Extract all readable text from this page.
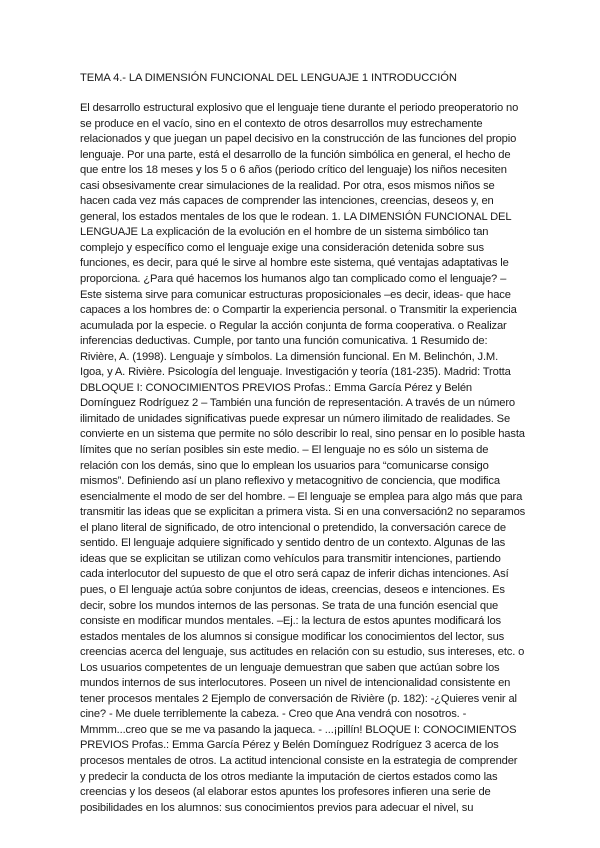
TEMA 4.- LA DIMENSIÓN FUNCIONAL DEL LENGUAJE 1 INTRODUCCIÓN
El desarrollo estructural explosivo que el lenguaje tiene durante el periodo preoperatorio no
se produce en el vacío, sino en el contexto de otros desarrollos muy estrechamente
relacionados y que juegan un papel decisivo en la construcción de las funciones del propio
lenguaje. Por una parte, está el desarrollo de la función simbólica en general, el hecho de
que entre los 18 meses y los 5 o 6 años (periodo crítico del lenguaje) los niños necesiten
casi obsesivamente crear simulaciones de la realidad. Por otra, esos mismos niños se
hacen cada vez más capaces de comprender las intenciones, creencias, deseos y, en
general, los estados mentales de los que le rodean. 1. LA DIMENSIÓN FUNCIONAL DEL
LENGUAJE La explicación de la evolución en el hombre de un sistema simbólico tan
complejo y específico como el lenguaje exige una consideración detenida sobre sus
funciones, es decir, para qué le sirve al hombre este sistema, qué ventajas adaptativas le
proporciona. ¿Para qué hacemos los humanos algo tan complicado como el lenguaje? –
Este sistema sirve para comunicar estructuras proposicionales –es decir, ideas- que hace
capaces a los hombres de: o Compartir la experiencia personal. o Transmitir la experiencia
acumulada por la especie. o Regular la acción conjunta de forma cooperativa. o Realizar
inferencias deductivas. Cumple, por tanto una función comunicativa. 1 Resumido de:
Rivière, A. (1998). Lenguaje y símbolos. La dimensión funcional. En M. Belinchón, J.M.
Igoa, y A. Rivière. Psicología del lenguaje. Investigación y teoría (181-235). Madrid: Trotta
DBLOQUE I: CONOCIMIENTOS PREVIOS Profas.: Emma García Pérez y Belén
Domínguez Rodríguez 2 – También una función de representación. A través de un número
ilimitado de unidades significativas puede expresar un número ilimitado de realidades. Se
convierte en un sistema que permite no sólo describir lo real, sino pensar en lo posible hasta
límites que no serían posibles sin este medio. – El lenguaje no es sólo un sistema de
relación con los demás, sino que lo emplean los usuarios para “comunicarse consigo
mismos”. Definiendo así un plano reflexivo y metacognitivo de conciencia, que modifica
esencialmente el modo de ser del hombre. – El lenguaje se emplea para algo más que para
transmitir las ideas que se explicitan a primera vista. Si en una conversación2 no separamos
el plano literal de significado, de otro intencional o pretendido, la conversación carece de
sentido. El lenguaje adquiere significado y sentido dentro de un contexto. Algunas de las
ideas que se explicitan se utilizan como vehículos para transmitir intenciones, partiendo
cada interlocutor del supuesto de que el otro será capaz de inferir dichas intenciones. Así
pues, o El lenguaje actúa sobre conjuntos de ideas, creencias, deseos e intenciones. Es
decir, sobre los mundos internos de las personas. Se trata de una función esencial que
consiste en modificar mundos mentales. –Ej.: la lectura de estos apuntes modificará los
estados mentales de los alumnos si consigue modificar los conocimientos del lector, sus
creencias acerca del lenguaje, sus actitudes en relación con su estudio, sus intereses, etc. o
Los usuarios competentes de un lenguaje demuestran que saben que actúan sobre los
mundos internos de sus interlocutores. Poseen un nivel de intencionalidad consistente en
tener procesos mentales 2 Ejemplo de conversación de Rivière (p. 182): -¿Quieres venir al
cine? - Me duele terriblemente la cabeza. - Creo que Ana vendrá con nosotros. -
Mmmm...creo que se me va pasando la jaqueca. - ...¡pillín! BLOQUE I: CONOCIMIENTOS
PREVIOS Profas.: Emma García Pérez y Belén Domínguez Rodríguez 3 acerca de los
procesos mentales de otros. La actitud intencional consiste en la estrategia de comprender
y predecir la conducta de los otros mediante la imputación de ciertos estados como las
creencias y los deseos (al elaborar estos apuntes los profesores infieren una serie de
posibilidades en los alumnos: sus conocimientos previos para adecuar el nivel, su
